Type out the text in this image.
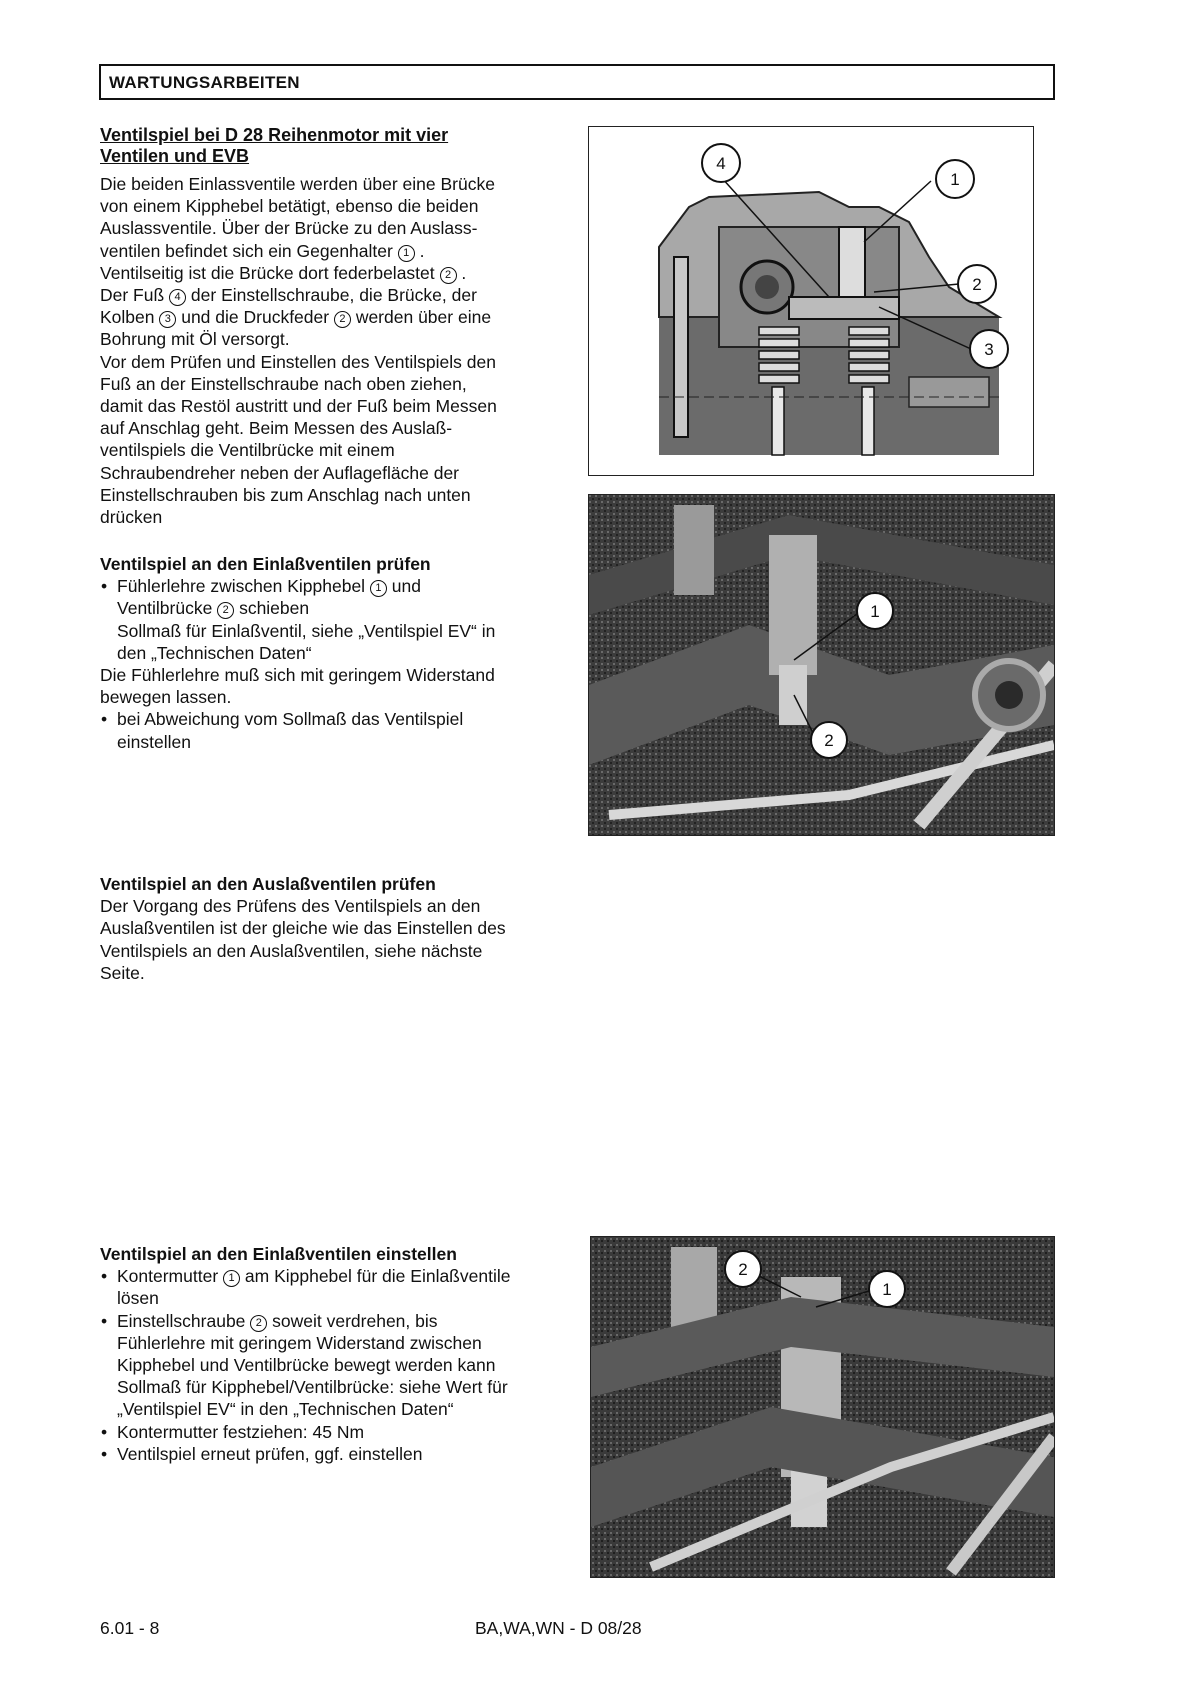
WARTUNGSARBEITEN
Ventilspiel bei D 28 Reihenmotor mit vier
Ventilen und EVB
Die beiden Einlassventile werden über eine Brücke
von einem Kipphebel betätigt, ebenso die beiden
Auslassventile. Über der Brücke zu den Auslass-
ventilen befindet sich ein Gegenhalter 1 .
Ventilseitig ist die Brücke dort federbelastet 2 .
Der Fuß 4 der Einstellschraube, die Brücke, der
Kolben 3 und die Druckfeder 2 werden über eine
Bohrung mit Öl versorgt.
Vor dem Prüfen und Einstellen des Ventilspiels den
Fuß an der Einstellschraube nach oben ziehen,
damit das Restöl austritt und der Fuß beim Messen
auf Anschlag geht. Beim Messen des Auslaß-
ventilspiels die Ventilbrücke mit einem
Schraubendreher neben der Auflagefläche der
Einstellschrauben bis zum Anschlag nach unten
drücken
Ventilspiel an den Einlaßventilen prüfen
• Fühlerlehre zwischen Kipphebel 1 und
Ventilbrücke 2 schieben
Sollmaß für Einlaßventil, siehe „Ventilspiel EV“ in
den „Technischen Daten“
Die Fühlerlehre muß sich mit geringem Widerstand
bewegen lassen.
• bei Abweichung vom Sollmaß das Ventilspiel
einstellen
Ventilspiel an den Auslaßventilen prüfen
Der Vorgang des Prüfens des Ventilspiels an den
Auslaßventilen ist der gleiche wie das Einstellen des
Ventilspiels an den Auslaßventilen, siehe nächste
Seite.
Ventilspiel an den Einlaßventilen einstellen
• Kontermutter 1 am Kipphebel für die Einlaßventile
lösen
• Einstellschraube 2 soweit verdrehen, bis
Fühlerlehre mit geringem Widerstand zwischen
Kipphebel und Ventilbrücke bewegt werden kann
Sollmaß für Kipphebel/Ventilbrücke: siehe Wert für
„Ventilspiel EV“ in den „Technischen Daten“
• Kontermutter festziehen: 45 Nm
• Ventilspiel erneut prüfen, ggf. einstellen
4
1
2
3
1
2
2
1
6.01 - 8	BA,WA,WN - D 08/28
